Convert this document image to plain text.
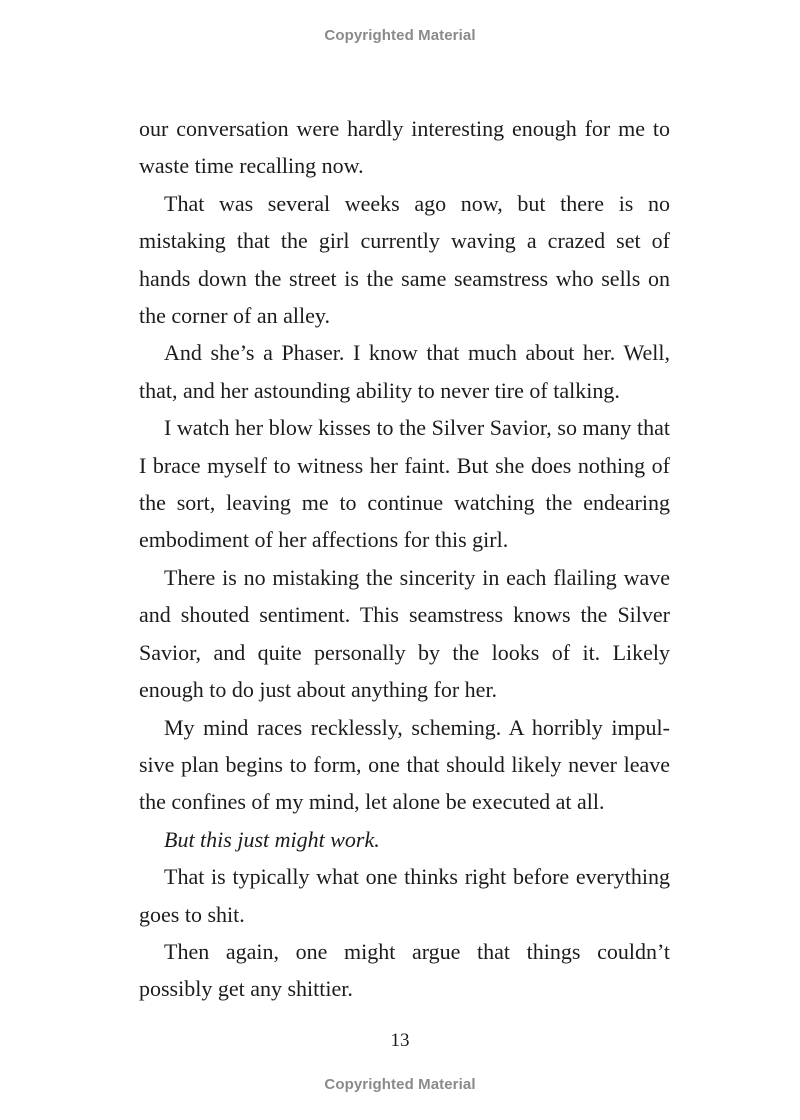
Copyrighted Material

our conversation were hardly interesting enough for me to waste time recalling now.

That was several weeks ago now, but there is no mistaking that the girl currently waving a crazed set of hands down the street is the same seamstress who sells on the corner of an alley.

And she’s a Phaser. I know that much about her. Well, that, and her astounding ability to never tire of talking.

I watch her blow kisses to the Silver Savior, so many that I brace myself to witness her faint. But she does nothing of the sort, leaving me to continue watching the endearing embodiment of her affections for this girl.

There is no mistaking the sincerity in each flailing wave and shouted sentiment. This seamstress knows the Silver Savior, and quite personally by the looks of it. Likely enough to do just about anything for her.

My mind races recklessly, scheming. A horribly impulsive plan begins to form, one that should likely never leave the confines of my mind, let alone be executed at all.

But this just might work.

That is typically what one thinks right before everything goes to shit.

Then again, one might argue that things couldn’t possibly get any shittier.

13
Copyrighted Material
